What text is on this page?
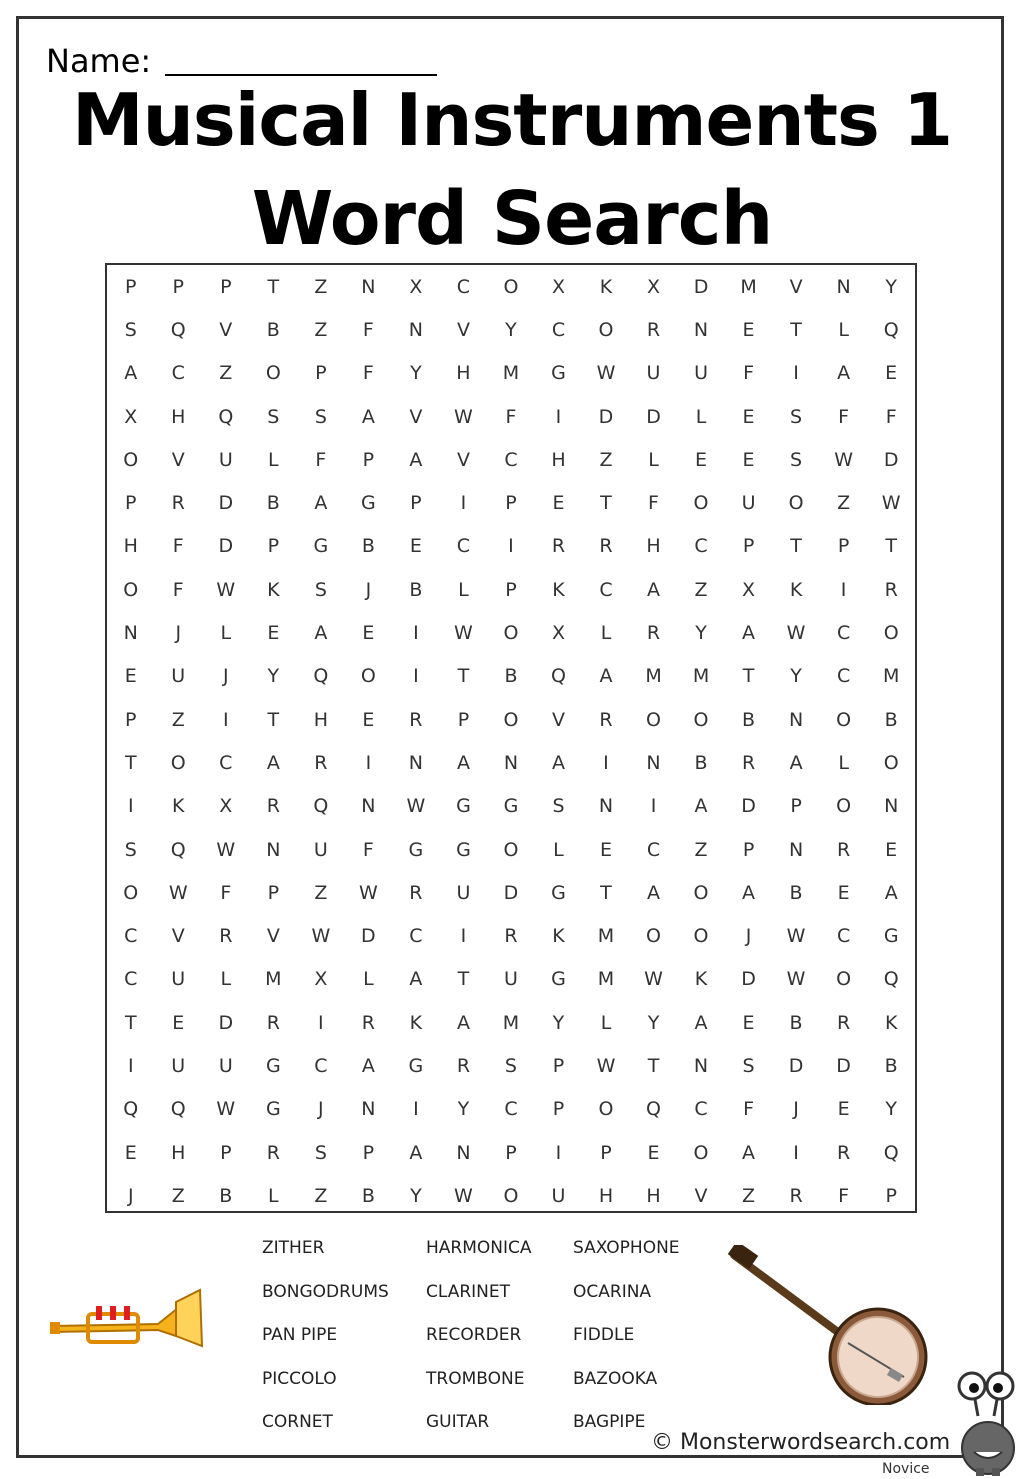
Name:
Musical Instruments 1
Word Search
P	P	P	T	Z	N	X	C	O	X	K	X	D	M	V	N	Y
S	Q	V	B	Z	F	N	V	Y	C	O	R	N	E	T	L	Q
A	C	Z	O	P	F	Y	H	M	G	W	U	U	F	I	A	E
X	H	Q	S	S	A	V	W	F	I	D	D	L	E	S	F	F
O	V	U	L	F	P	A	V	C	H	Z	L	E	E	S	W	D
P	R	D	B	A	G	P	I	P	E	T	F	O	U	O	Z	W
H	F	D	P	G	B	E	C	I	R	R	H	C	P	T	P	T
O	F	W	K	S	J	B	L	P	K	C	A	Z	X	K	I	R
N	J	L	E	A	E	I	W	O	X	L	R	Y	A	W	C	O
E	U	J	Y	Q	O	I	T	B	Q	A	M	M	T	Y	C	M
P	Z	I	T	H	E	R	P	O	V	R	O	O	B	N	O	B
T	O	C	A	R	I	N	A	N	A	I	N	B	R	A	L	O
I	K	X	R	Q	N	W	G	G	S	N	I	A	D	P	O	N
S	Q	W	N	U	F	G	G	O	L	E	C	Z	P	N	R	E
O	W	F	P	Z	W	R	U	D	G	T	A	O	A	B	E	A
C	V	R	V	W	D	C	I	R	K	M	O	O	J	W	C	G
C	U	L	M	X	L	A	T	U	G	M	W	K	D	W	O	Q
T	E	D	R	I	R	K	A	M	Y	L	Y	A	E	B	R	K
I	U	U	G	C	A	G	R	S	P	W	T	N	S	D	D	B
Q	Q	W	G	J	N	I	Y	C	P	O	Q	C	F	J	E	Y
E	H	P	R	S	P	A	N	P	I	P	E	O	A	I	R	Q
J	Z	B	L	Z	B	Y	W	O	U	H	H	V	Z	R	F	P
ZITHER
BONGODRUMS
PAN PIPE
PICCOLO
CORNET
HARMONICA
CLARINET
RECORDER
TROMBONE
GUITAR
SAXOPHONE
OCARINA
FIDDLE
BAZOOKA
BAGPIPE
© Monsterwordsearch.com
Novice
